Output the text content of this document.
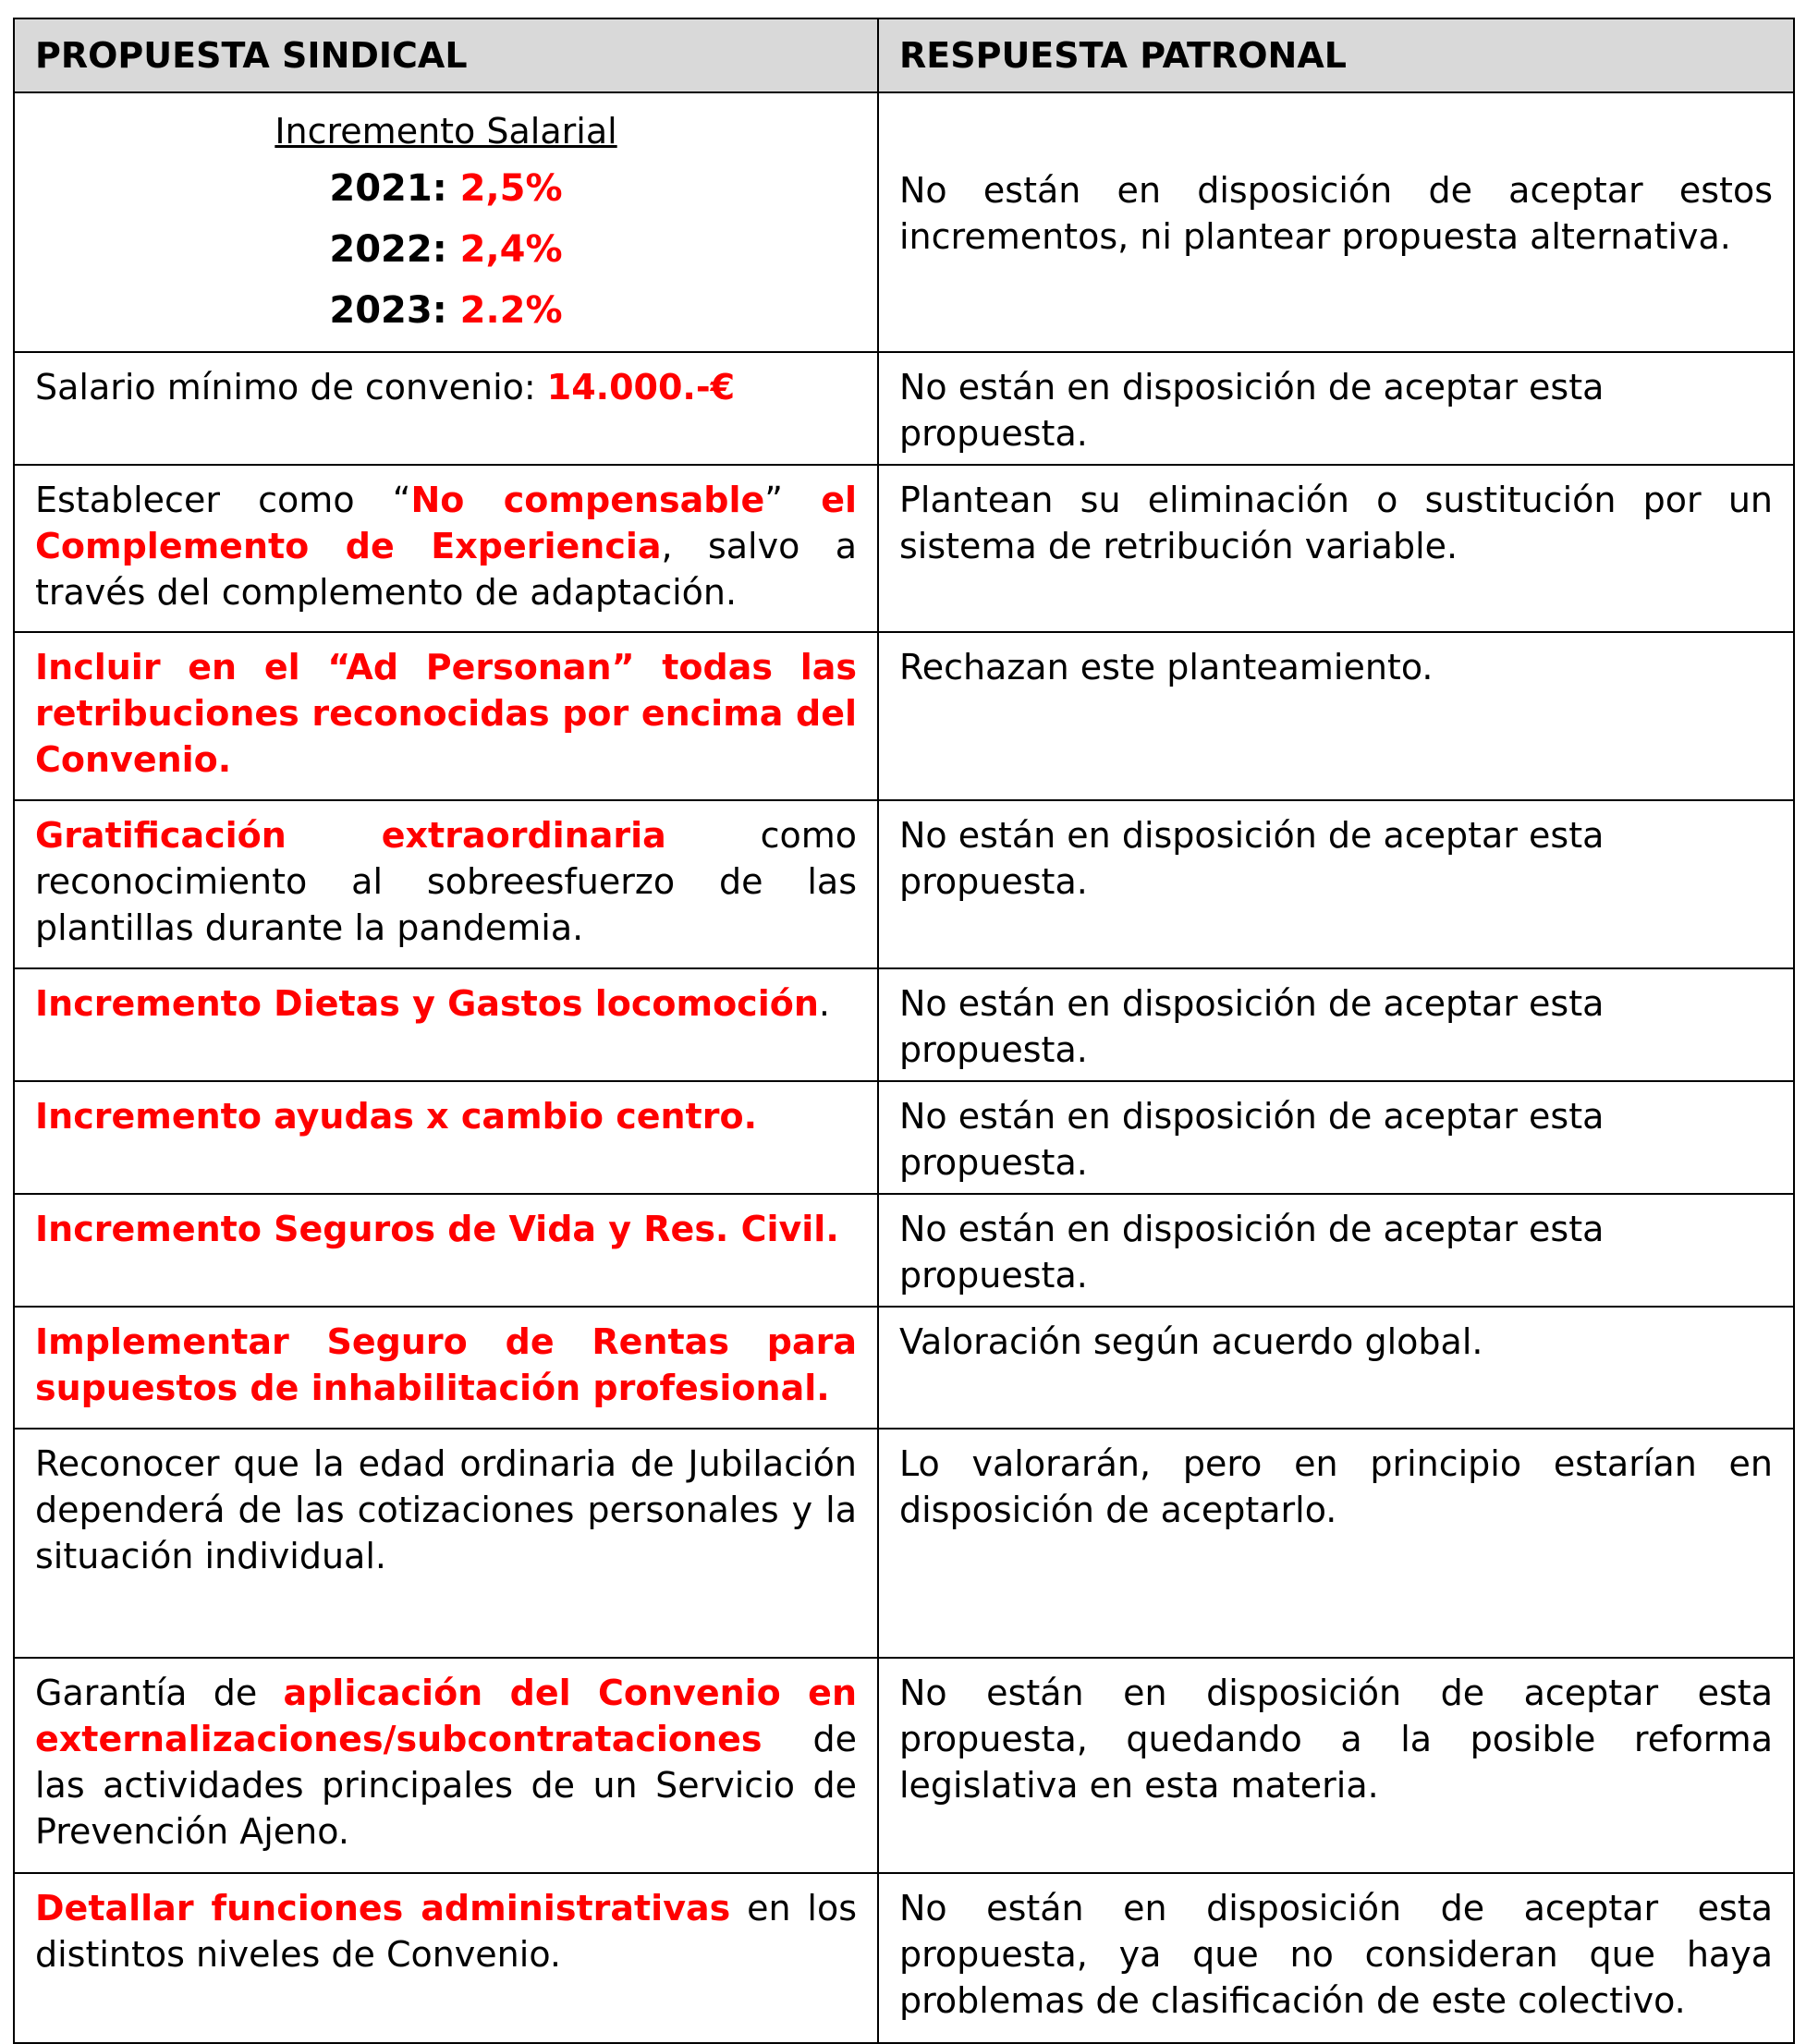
PROPUESTA SINDICAL	RESPUESTA PATRONAL

Incremento Salarial
2021: 2,5%
2022: 2,4%
2023: 2.2%	No están en disposición de aceptar estos incrementos, ni plantear propuesta alternativa.
Salario mínimo de convenio: 14.000.-€	No están en disposición de aceptar esta propuesta.
Establecer como “No compensable” el Complemento de Experiencia, salvo a través del complemento de adaptación.	Plantean su eliminación o sustitución por un sistema de retribución variable.
Incluir en el “Ad Personan” todas las retribuciones reconocidas por encima del Convenio.	Rechazan este planteamiento.
Gratificación extraordinaria como reconocimiento al sobreesfuerzo de las plantillas durante la pandemia.	No están en disposición de aceptar esta propuesta.
Incremento Dietas y Gastos locomoción.	No están en disposición de aceptar esta propuesta.
Incremento ayudas x cambio centro.	No están en disposición de aceptar esta propuesta.
Incremento Seguros de Vida y Res. Civil.	No están en disposición de aceptar esta propuesta.
Implementar Seguro de Rentas para supuestos de inhabilitación profesional.	Valoración según acuerdo global.
Reconocer que la edad ordinaria de Jubilación dependerá de las cotizaciones personales y la situación individual.	Lo valorarán, pero en principio estarían en disposición de aceptarlo.
Garantía de aplicación del Convenio en externalizaciones/subcontrataciones de las actividades principales de un Servicio de Prevención Ajeno.	No están en disposición de aceptar esta propuesta, quedando a la posible reforma legislativa en esta materia.
Detallar funciones administrativas en los distintos niveles de Convenio.	No están en disposición de aceptar esta propuesta, ya que no consideran que haya problemas de clasificación de este colectivo.
